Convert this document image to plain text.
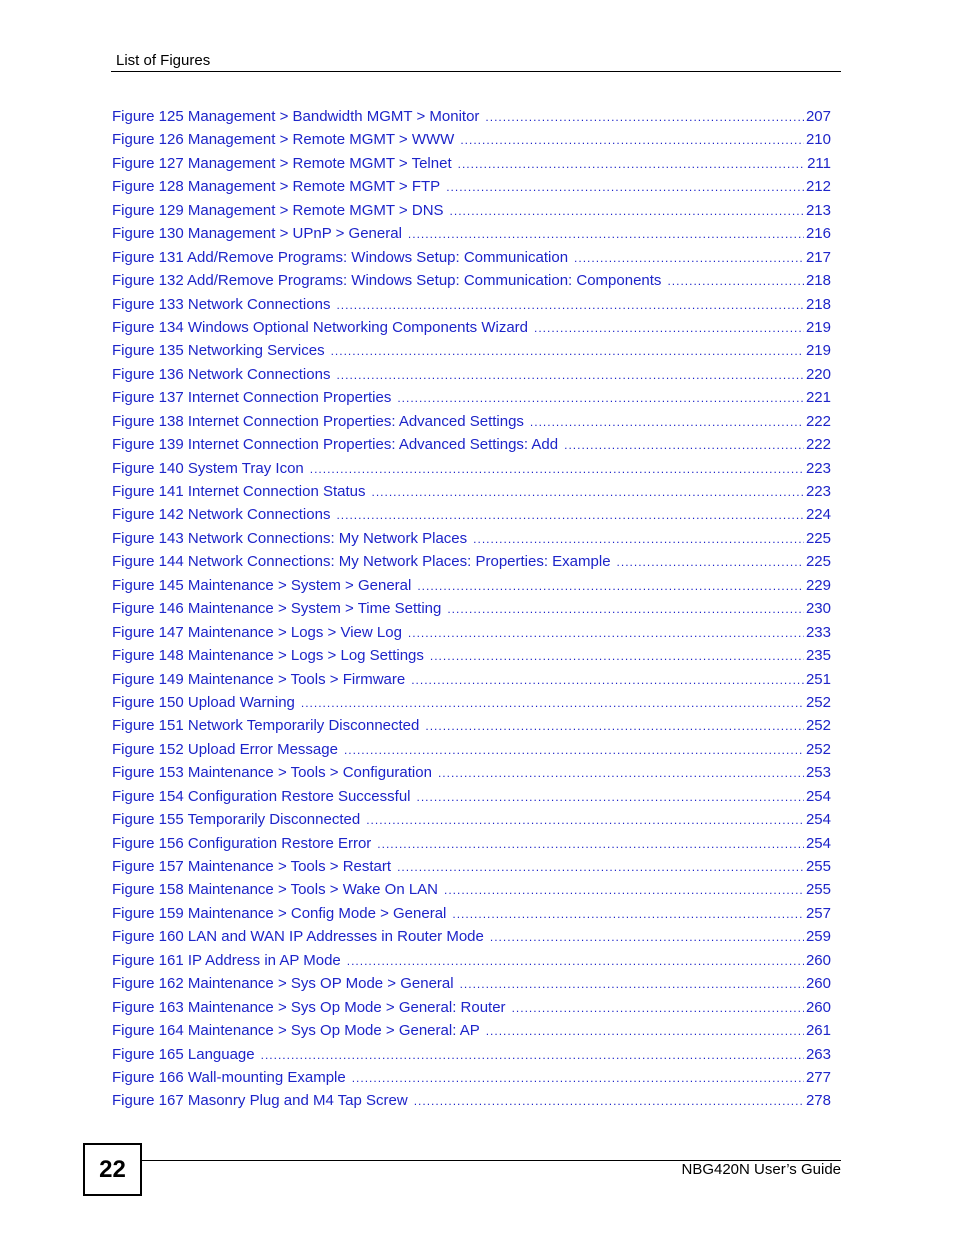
List of Figures
Figure 125 Management > Bandwidth MGMT > Monitor .....	207
Figure 126 Management > Remote MGMT > WWW .....	210
Figure 127 Management > Remote MGMT > Telnet .....	211
Figure 128 Management > Remote MGMT > FTP .....	212
Figure 129 Management > Remote MGMT > DNS .....	213
Figure 130 Management > UPnP > General .....	216
Figure 131 Add/Remove Programs: Windows Setup: Communication .....	217
Figure 132 Add/Remove Programs: Windows Setup: Communication: Components .....	218
Figure 133 Network Connections .....	218
Figure 134 Windows Optional Networking Components Wizard .....	219
Figure 135 Networking Services .....	219
Figure 136 Network Connections .....	220
Figure 137 Internet Connection Properties .....	221
Figure 138 Internet Connection Properties: Advanced Settings .....	222
Figure 139 Internet Connection Properties: Advanced Settings: Add .....	222
Figure 140 System Tray Icon .....	223
Figure 141 Internet Connection Status .....	223
Figure 142 Network Connections .....	224
Figure 143 Network Connections: My Network Places .....	225
Figure 144 Network Connections: My Network Places: Properties: Example .....	225
Figure 145 Maintenance > System > General .....	229
Figure 146 Maintenance > System > Time Setting .....	230
Figure 147 Maintenance > Logs > View Log .....	233
Figure 148 Maintenance > Logs > Log Settings .....	235
Figure 149 Maintenance > Tools > Firmware .....	251
Figure 150 Upload Warning .....	252
Figure 151 Network Temporarily Disconnected .....	252
Figure 152 Upload Error Message .....	252
Figure 153 Maintenance > Tools > Configuration .....	253
Figure 154 Configuration Restore Successful .....	254
Figure 155 Temporarily Disconnected .....	254
Figure 156 Configuration Restore Error .....	254
Figure 157 Maintenance > Tools > Restart .....	255
Figure 158 Maintenance > Tools > Wake On LAN .....	255
Figure 159 Maintenance > Config Mode > General .....	257
Figure 160 LAN and WAN IP Addresses in Router Mode .....	259
Figure 161 IP Address in AP Mode .....	260
Figure 162 Maintenance > Sys OP Mode > General .....	260
Figure 163 Maintenance > Sys Op Mode > General: Router .....	260
Figure 164 Maintenance > Sys Op Mode > General: AP .....	261
Figure 165 Language .....	263
Figure 166 Wall-mounting Example .....	277
Figure 167 Masonry Plug and M4 Tap Screw .....	278
22	NBG420N User’s Guide
